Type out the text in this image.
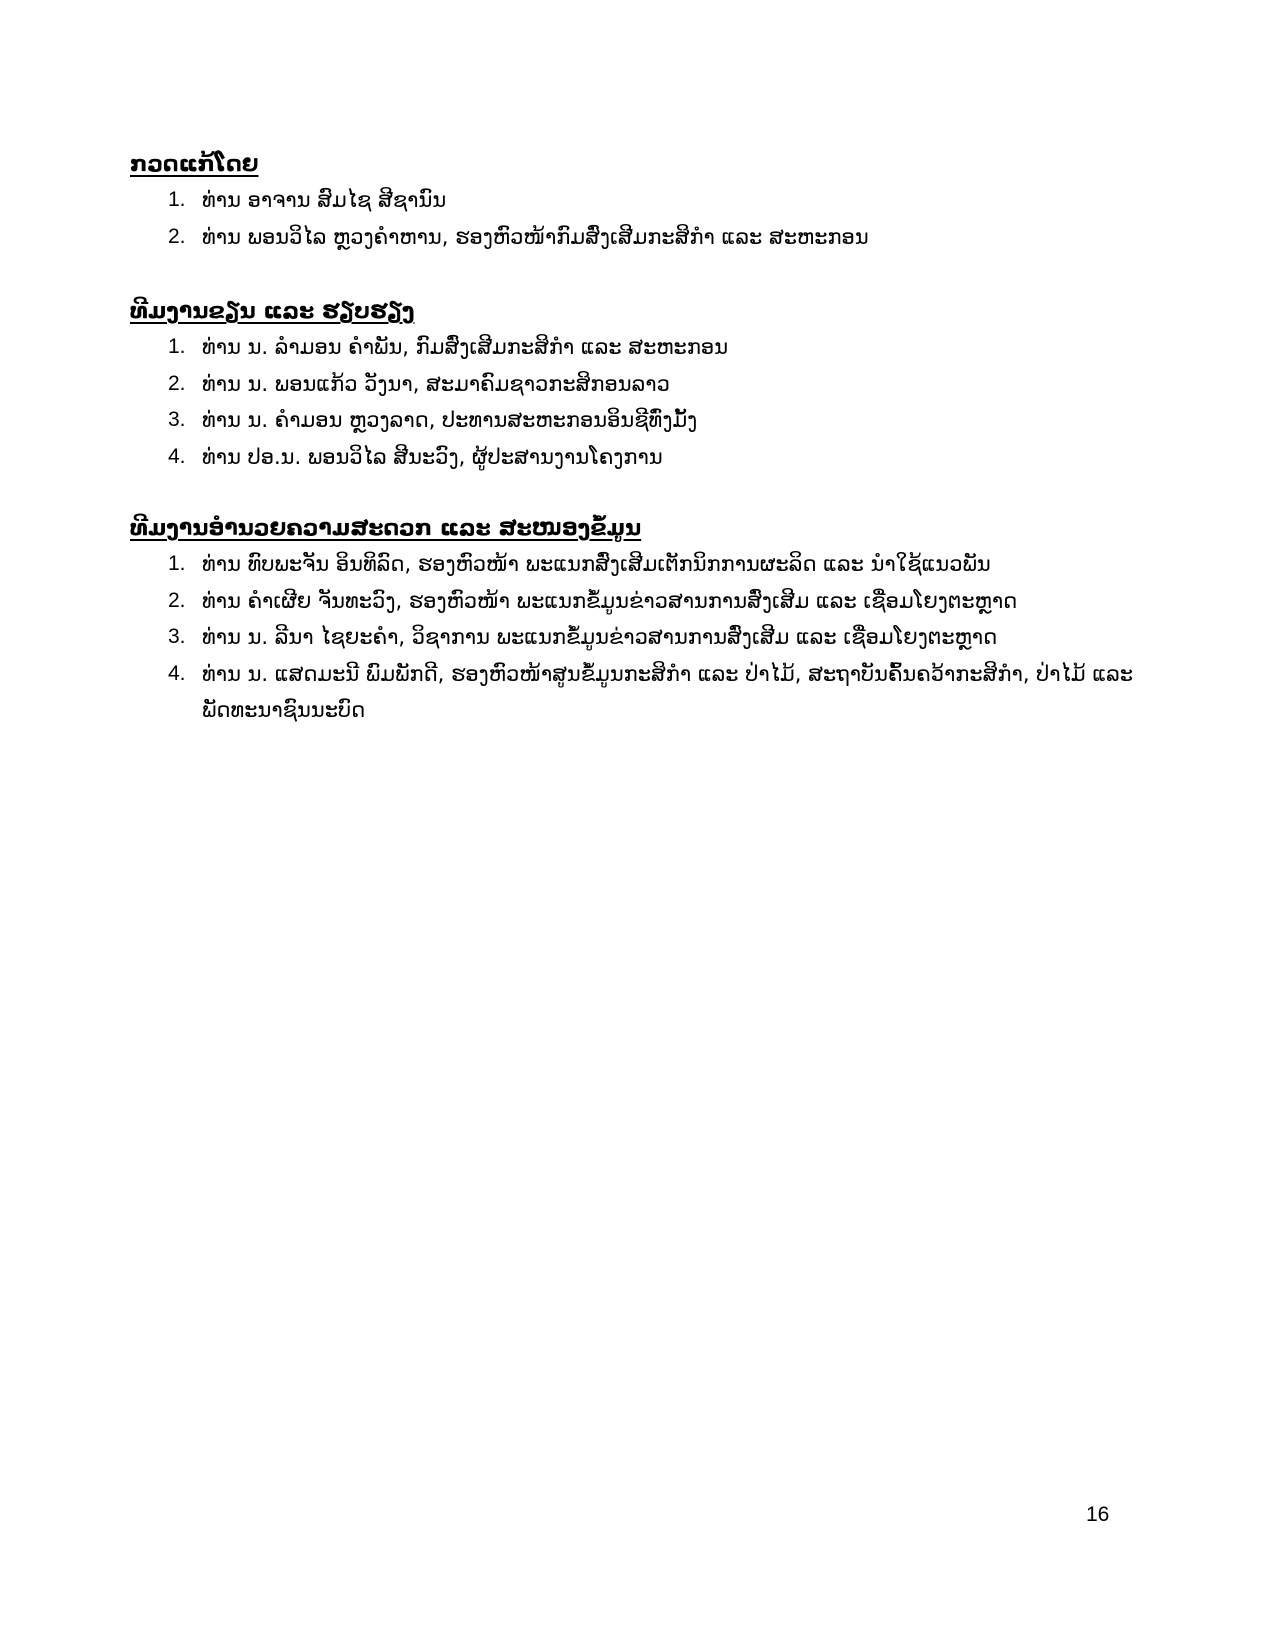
ກວດແກ້ໂດຍ
1. ທ່ານ ອາຈານ ສົມໄຊ ສີຊານົນ
2. ທ່ານ ພອນວິໄລ ຫຼວງຄຳຫານ, ຮອງຫົວໜ້າກົມສົ່ງເສີມກະສິກຳ ແລະ ສະຫະກອນ
ທີມງານຂຽນ ແລະ ຮຽບຮຽງ
1. ທ່ານ ນ. ລຳມອນ ຄຳພັນ, ກົມສົ່ງເສີມກະສິກຳ ແລະ ສະຫະກອນ
2. ທ່ານ ນ. ພອນແກ້ວ ວັງນາ, ສະມາຄົມຊາວກະສິກອນລາວ
3. ທ່ານ ນ. ຄຳມອນ ຫຼວງລາດ, ປະທານສະຫະກອນອິນຊີທົ່ງມັ້ງ
4. ທ່ານ ປອ.ນ. ພອນວິໄລ ສີນະວົງ, ຜູ້ປະສານງານໂຄງການ
ທີມງານອຳນວຍຄວາມສະດວກ ແລະ ສະໜອງຂໍ້ມູນ
1. ທ່ານ ທົບພະຈັນ ອິນທິລົດ, ຮອງຫົວໜ້າ ພະແນກສົ່ງເສີມເຕັກນິກການຜະລິດ ແລະ ນຳໃຊ້ແນວພັນ
2. ທ່ານ ຄຳເຜີຍ ຈັນທະວົງ, ຮອງຫົວໜ້າ ພະແນກຂໍ້ມູນຂ່າວສານການສົ່ງເສີມ ແລະ ເຊື່ອມໂຍງຕະຫຼາດ
3. ທ່ານ ນ. ລີນາ ໄຊຍະຄຳ, ວິຊາການ ພະແນກຂໍ້ມູນຂ່າວສານການສົ່ງເສີມ ແລະ ເຊື່ອມໂຍງຕະຫຼາດ
4. ທ່ານ ນ. ແສດມະນີ ພົມພັກດີ, ຮອງຫົວໜ້າສູນຂໍ້ມູນກະສິກຳ ແລະ ປ່າໄມ້, ສະຖາບັນຄົ້ນຄວ້າກະສິກຳ, ປ່າໄມ້ ແລະ ພັດທະນາຊົນນະບົດ
16
